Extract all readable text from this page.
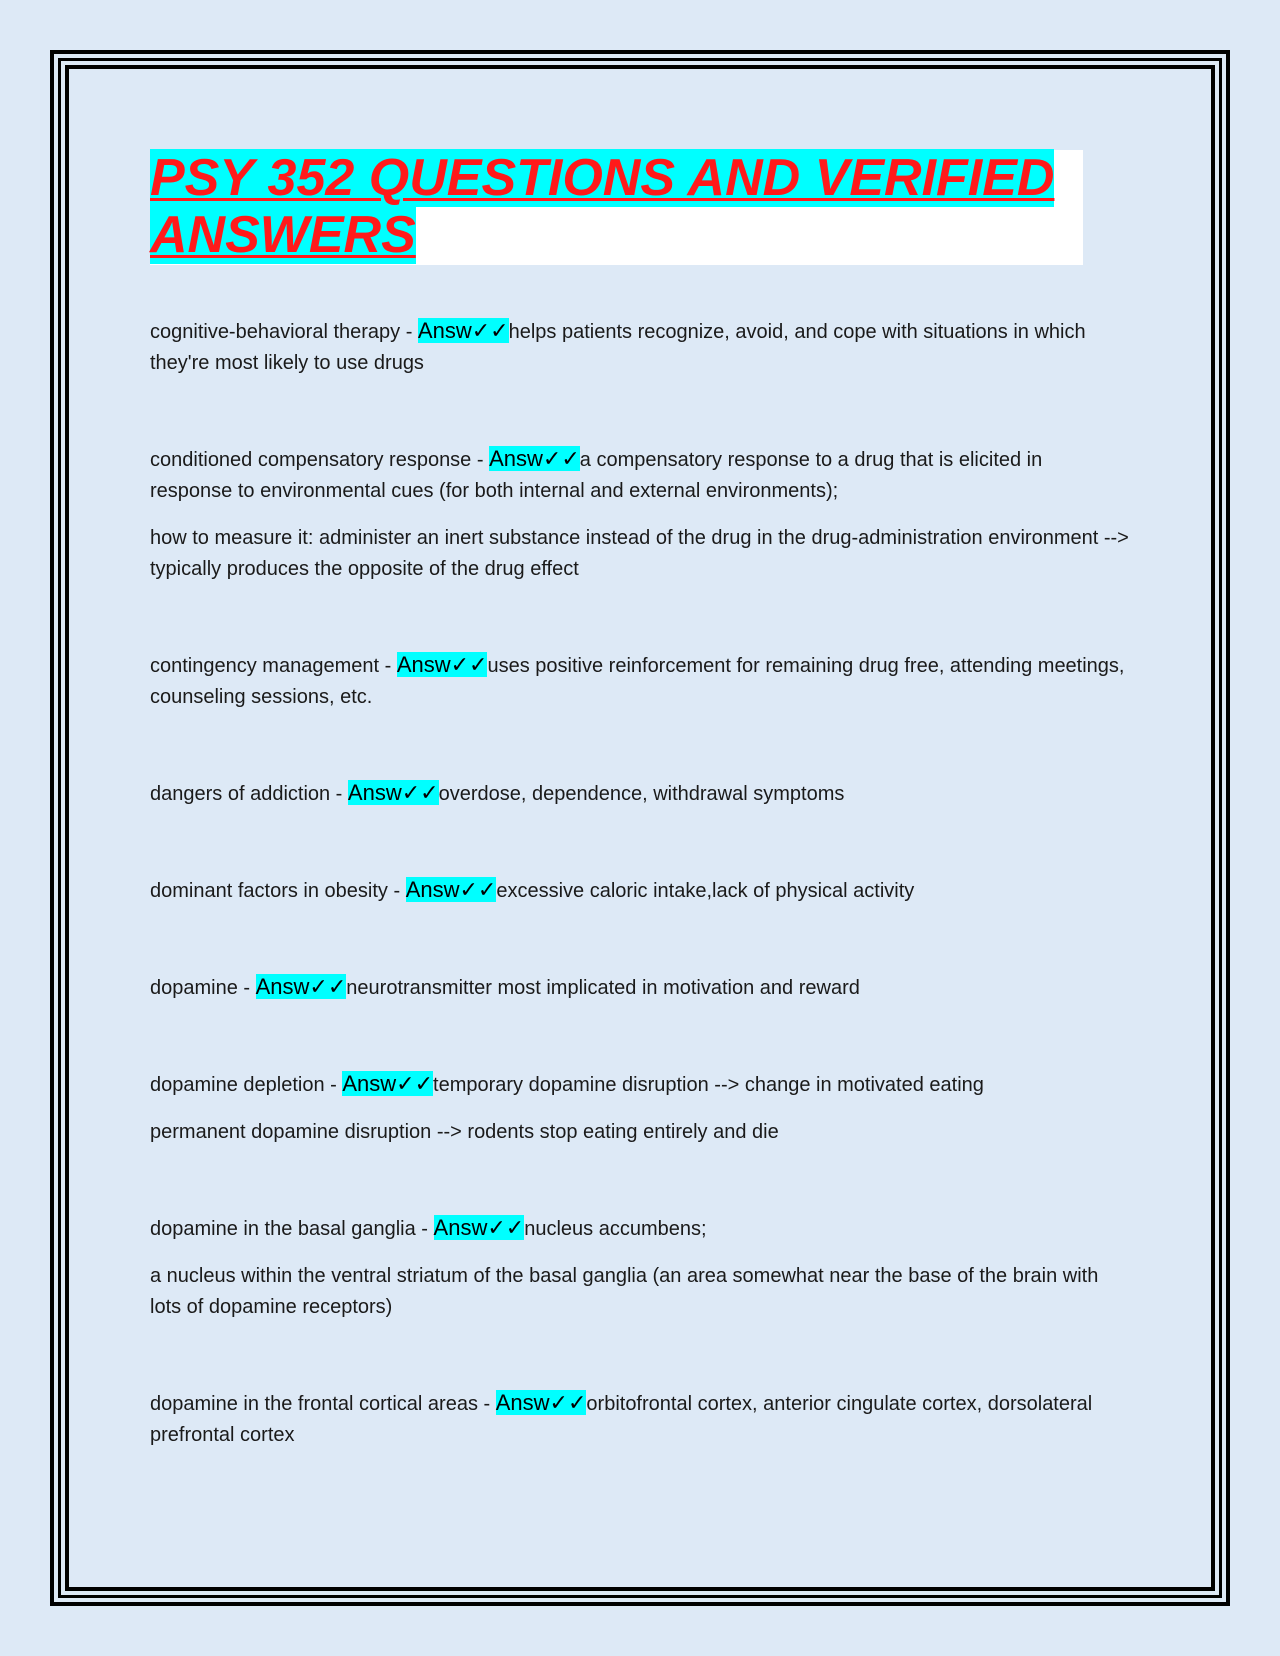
PSY 352 QUESTIONS AND VERIFIED ANSWERS

cognitive-behavioral therapy - Answ✓✓helps patients recognize, avoid, and cope with situations in which they're most likely to use drugs

conditioned compensatory response - Answ✓✓a compensatory response to a drug that is elicited in response to environmental cues (for both internal and external environments);

how to measure it: administer an inert substance instead of the drug in the drug-administration environment --> typically produces the opposite of the drug effect

contingency management - Answ✓✓uses positive reinforcement for remaining drug free, attending meetings, counseling sessions, etc.

dangers of addiction - Answ✓✓overdose, dependence, withdrawal symptoms

dominant factors in obesity - Answ✓✓excessive caloric intake,lack of physical activity

dopamine - Answ✓✓neurotransmitter most implicated in motivation and reward

dopamine depletion - Answ✓✓temporary dopamine disruption --> change in motivated eating

permanent dopamine disruption --> rodents stop eating entirely and die

dopamine in the basal ganglia - Answ✓✓nucleus accumbens;

a nucleus within the ventral striatum of the basal ganglia (an area somewhat near the base of the brain with lots of dopamine receptors)

dopamine in the frontal cortical areas - Answ✓✓orbitofrontal cortex, anterior cingulate cortex, dorsolateral prefrontal cortex
